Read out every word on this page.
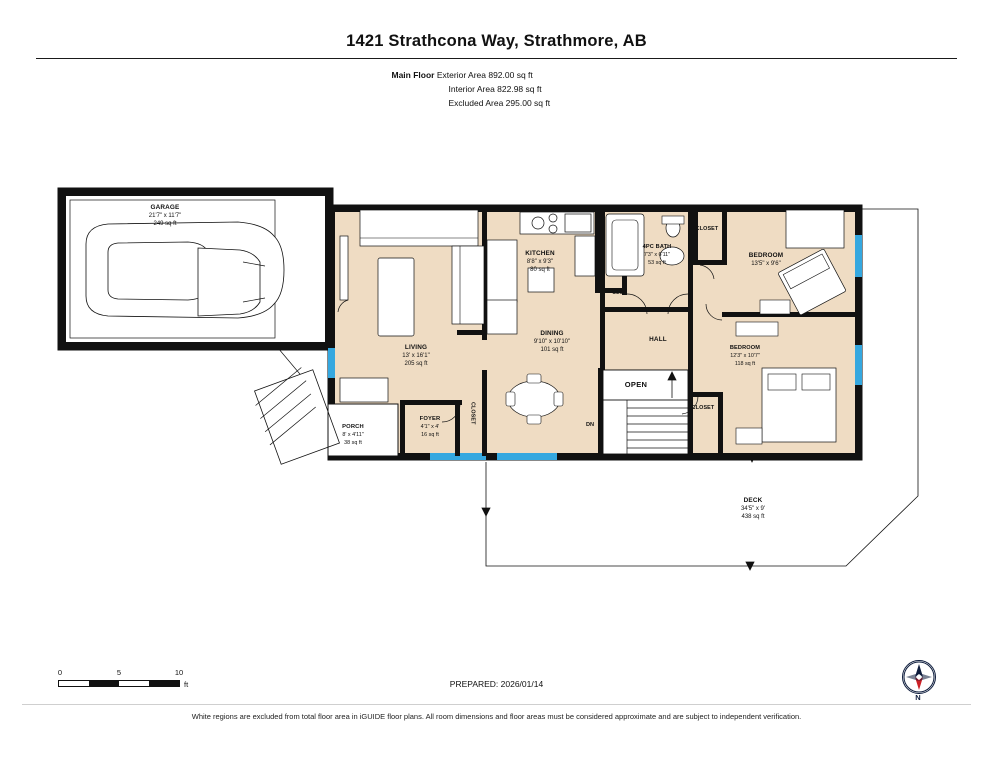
1421 Strathcona Way, Strathmore, AB
Main Floor Exterior Area 892.00 sq ft
Interior Area 822.98 sq ft
Excluded Area 295.00 sq ft
GARAGE
21'7" x 11'7"
249 sq ft
KITCHEN
8'8" x 9'3"
80 sq ft
4PC BATH
7'3" x 6'11"
53 sq ft
CLOSET
BEDROOM
13'5" x 9'6"
CLO
LIVING
13' x 16'1"
205 sq ft
DINING
9'10" x 10'10"
101 sq ft
HALL
BEDROOM
12'3" x 10'7"
118 sq ft
FOYER
4'1" x 4'
16 sq ft
CLOSET	CLOSET
PORCH
8' x 4'11"
38 sq ft
DECK
34'5" x 9'
438 sq ft
OPEN
DN
0	5	10
ft
N
PREPARED: 2026/01/14
White regions are excluded from total floor area in iGUIDE floor plans. All room dimensions and floor areas must be considered approximate and are subject to independent verification.
